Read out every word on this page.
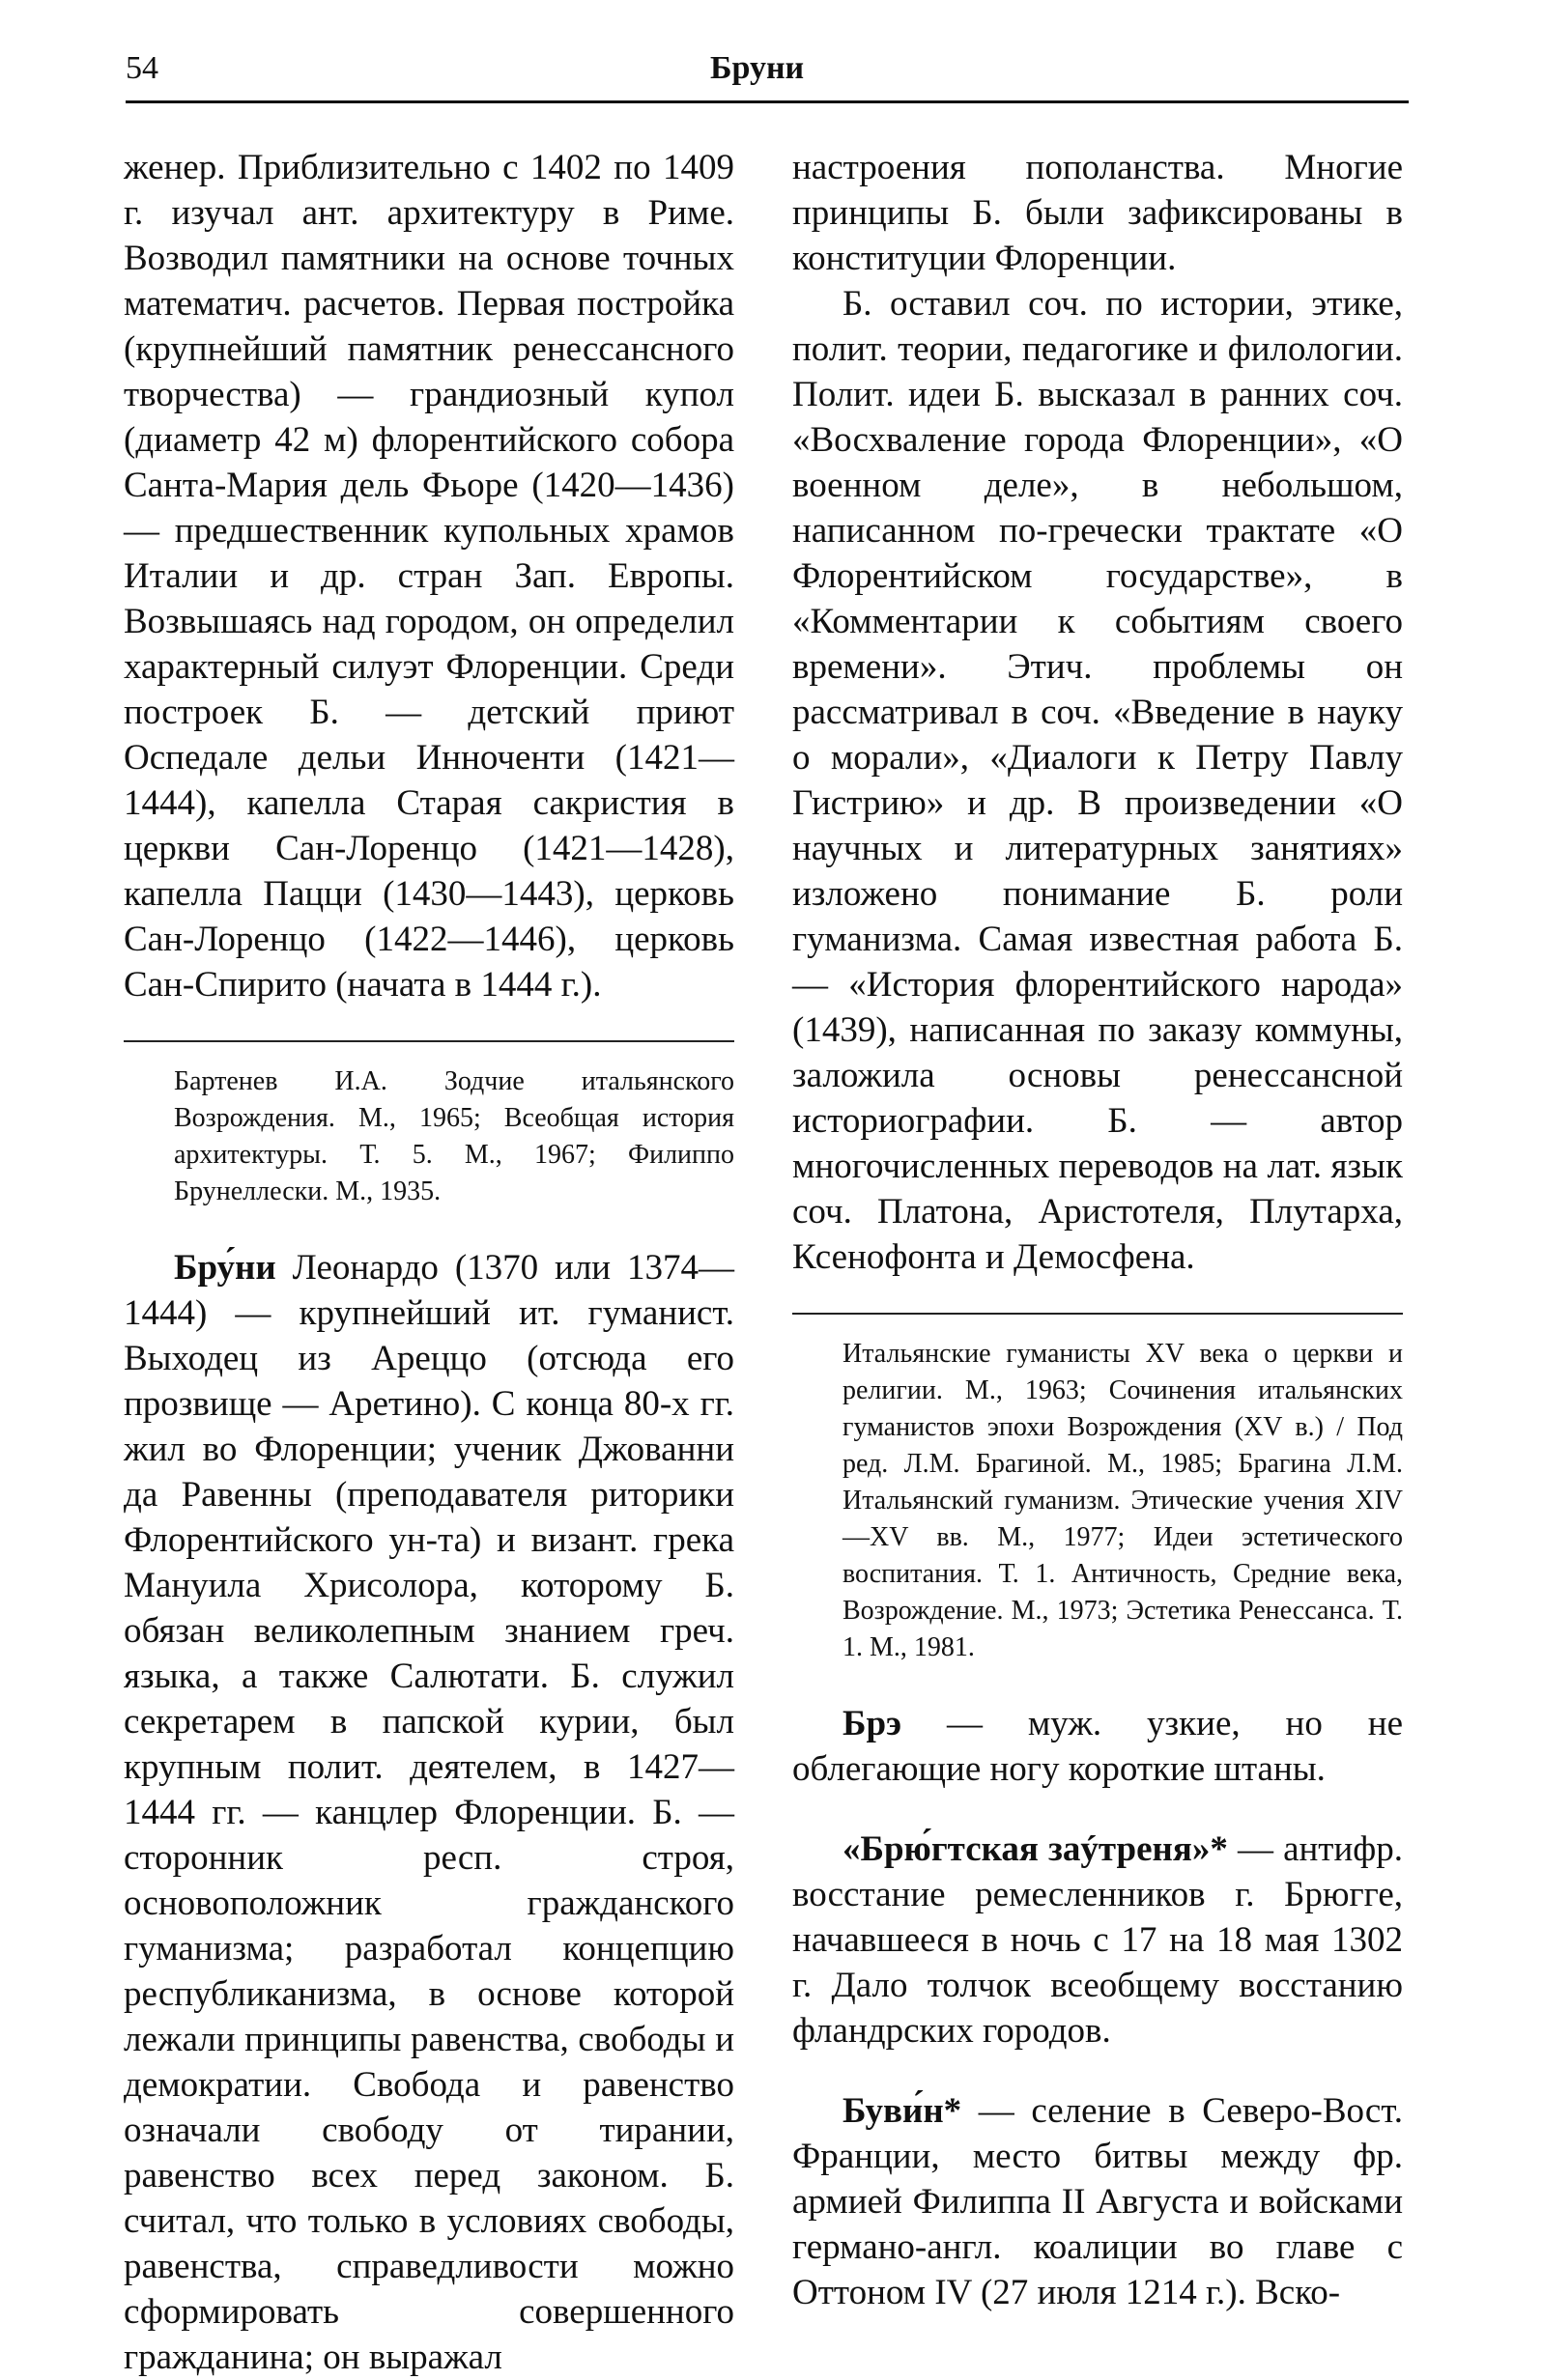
54	Бруни

женер. Приблизительно с 1402 по 1409 г. изучал ант. архитектуру в Риме. Возводил памятники на основе точных математич. расчетов. Первая постройка (крупнейший памятник ренессансного творчества) — грандиозный купол (диаметр 42 м) флорентийского собора Санта-Мария дель Фьоре (1420—1436) — предшественник купольных храмов Италии и др. стран Зап. Европы. Возвышаясь над городом, он определил характерный силуэт Флоренции. Среди построек Б. — детский приют Оспедале дельи Инноченти (1421—1444), капелла Старая сакристия в церкви Сан-Лоренцо (1421—1428), капелла Пацци (1430—1443), церковь Сан-Лоренцо (1422—1446), церковь Сан-Спирито (начата в 1444 г.).

Бартенев И.А. Зодчие итальянского Возрождения. М., 1965; Всеобщая история архитектуры. Т. 5. М., 1967; Филиппо Брунеллески. М., 1935.

Бру́ни Леонардо (1370 или 1374—1444) — крупнейший ит. гуманист. Выходец из Ареццо (отсюда его прозвище — Аретино). С конца 80-х гг. жил во Флоренции; ученик Джованни да Равенны (преподавателя риторики Флорентийского ун-та) и визант. грека Мануила Хрисолора, которому Б. обязан великолепным знанием греч. языка, а также Салютати. Б. служил секретарем в папской курии, был крупным полит. деятелем, в 1427—1444 гг. — канцлер Флоренции. Б. — сторонник респ. строя, основоположник гражданского гуманизма; разработал концепцию республиканизма, в основе которой лежали принципы равенства, свободы и демократии. Свобода и равенство означали свободу от тирании, равенство всех перед законом. Б. считал, что только в условиях свободы, равенства, справедливости можно сформировать совершенного гражданина; он выражал

настроения пополанства. Многие принципы Б. были зафиксированы в конституции Флоренции.

Б. оставил соч. по истории, этике, полит. теории, педагогике и филологии. Полит. идеи Б. высказал в ранних соч. «Восхваление города Флоренции», «О военном деле», в небольшом, написанном по-гречески трактате «О Флорентийском государстве», в «Комментарии к событиям своего времени». Этич. проблемы он рассматривал в соч. «Введение в науку о морали», «Диалоги к Петру Павлу Гистрию» и др. В произведении «О научных и литературных занятиях» изложено понимание Б. роли гуманизма. Самая известная работа Б. — «История флорентийского народа» (1439), написанная по заказу коммуны, заложила основы ренессансной историографии. Б. — автор многочисленных переводов на лат. язык соч. Платона, Аристотеля, Плутарха, Ксенофонта и Демосфена.

Итальянские гуманисты XV века о церкви и религии. М., 1963; Сочинения итальянских гуманистов эпохи Возрождения (XV в.) / Под ред. Л.М. Брагиной. М., 1985; Брагина Л.М. Итальянский гуманизм. Этические учения XIV—XV вв. М., 1977; Идеи эстетического воспитания. Т. 1. Античность, Средние века, Возрождение. М., 1973; Эстетика Ренессанса. Т. 1. М., 1981.

Брэ — муж. узкие, но не облегающие ногу короткие штаны.

«Брю́гтская заýтреня»* — антифр. восстание ремесленников г. Брюгге, начавшееся в ночь с 17 на 18 мая 1302 г. Дало толчок всеобщему восстанию фландрских городов.

Буви́н* — селение в Северо-Вост. Франции, место битвы между фр. армией Филиппа II Августа и войсками германо-англ. коалиции во главе с Оттоном IV (27 июля 1214 г.). Вско-
